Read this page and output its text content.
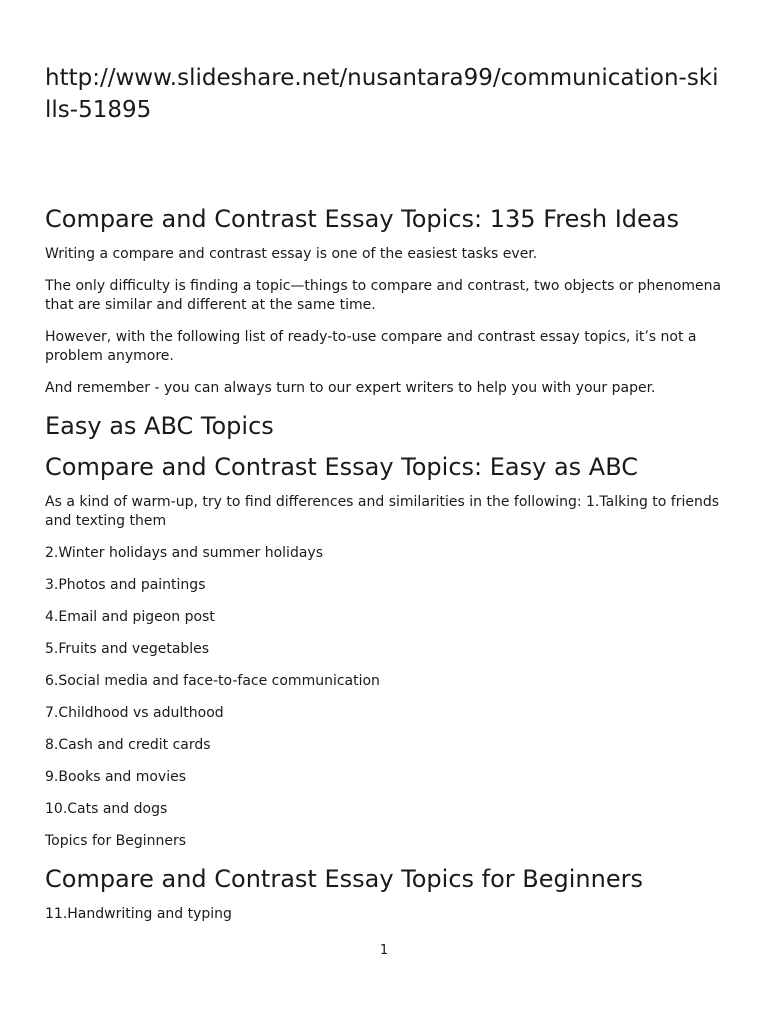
http://www.slideshare.net/nusantara99/communication-skills-51895
Compare and Contrast Essay Topics: 135 Fresh Ideas

Writing a compare and contrast essay is one of the easiest tasks ever.

The only difficulty is finding a topic—things to compare and contrast, two objects or phenomena that are similar and different at the same time.

However, with the following list of ready-to-use compare and contrast essay topics, it’s not a problem anymore.

And remember - you can always turn to our expert writers to help you with your paper.

Easy as ABC Topics
Compare and Contrast Essay Topics: Easy as ABC

As a kind of warm-up, try to find differences and similarities in the following: 1.Talking to friends and texting them

2.Winter holidays and summer holidays

3.Photos and paintings

4.Email and pigeon post

5.Fruits and vegetables

6.Social media and face-to-face communication

7.Childhood vs adulthood

8.Cash and credit cards

9.Books and movies

10.Cats and dogs

Topics for Beginners

Compare and Contrast Essay Topics for Beginners

11.Handwriting and typing

1
